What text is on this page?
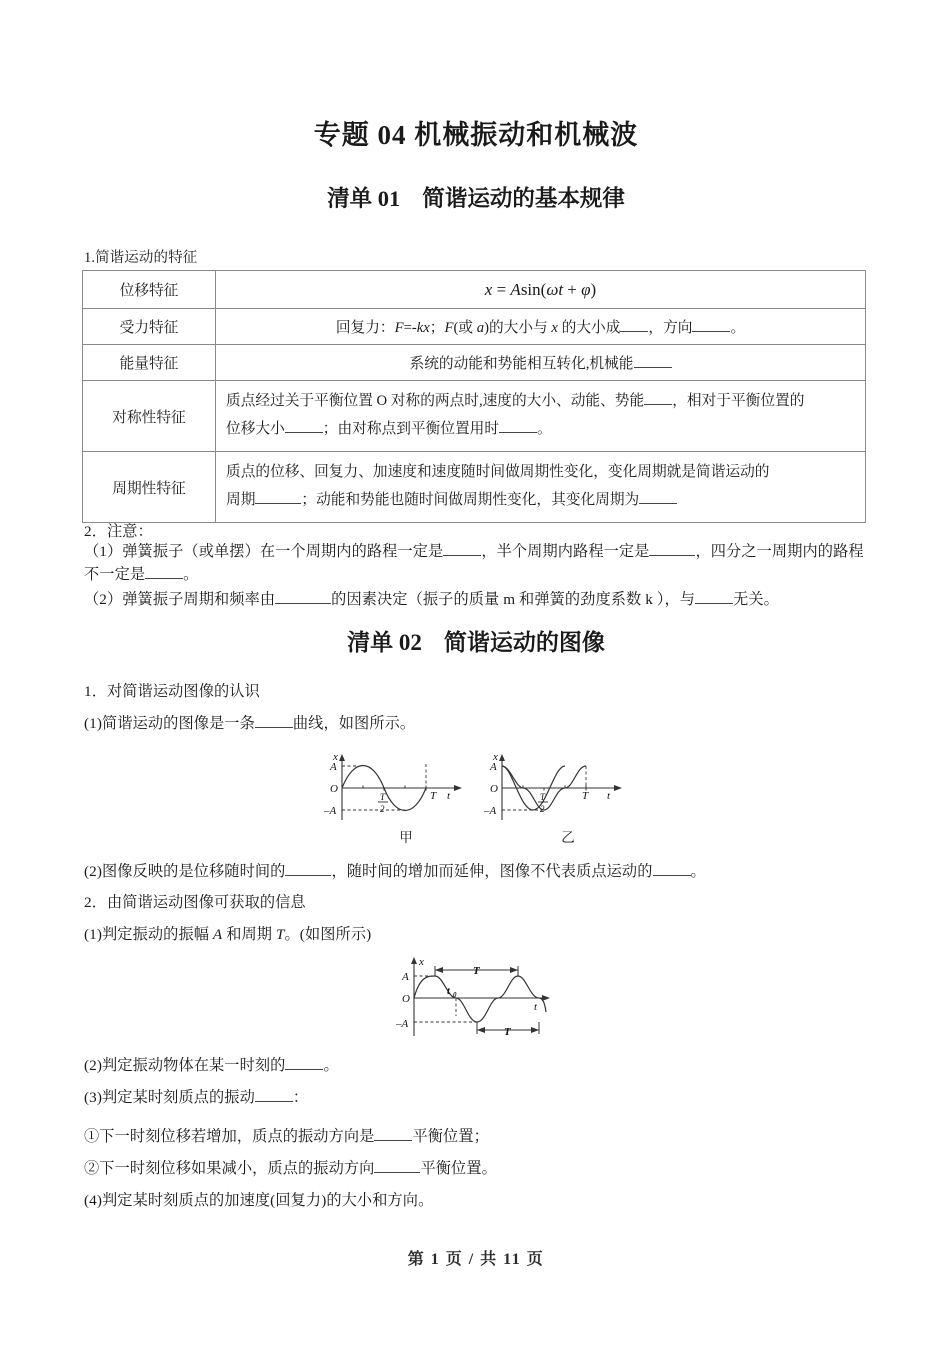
专题 04 机械振动和机械波
清单 01 简谐运动的基本规律
1.简谐运动的特征
位移特征	x = Asin(ωt + φ)
受力特征	回复力：F=-kx；F(或 a)的大小与 x 的大小成 ，方向 。
能量特征	系统的动能和势能相互转化,机械能
对称性特征	质点经过关于平衡位置 O 对称的两点时,速度的大小、动能、势能 ，相对于平衡位置的
位移大小 ；由对称点到平衡位置用时 。

周期性特征	质点的位移、回复力、加速度和速度随时间做周期性变化，变化周期就是简谐运动的
周期 ；动能和势能也随时间做周期性变化，其变化周期为
2．注意：
（1）弹簧振子（或单摆）在一个周期内的路程一定是	，半个周期内路程一定是	，四分之一周期内的路程不一定是	。
（2）弹簧振子周期和频率由	的因素决定（振子的质量 m 和弹簧的劲度系数 k ），与	无关。
清单 02 简谐运动的图像
1．对简谐运动图像的认识
(1)简谐运动的图像是一条	曲线，如图所示。
x
A
O
–A
T t
T
2
甲
x
A
O
–A
T t
T
2
乙
(2)图像反映的是位移随时间的	，随时间的增加而延伸，图像不代表质点运动的	。
2．由简谐运动图像可获取的信息
(1)判定振动的振幅 A 和周期 T。(如图所示)
x
A
O
–A
T
T
t
t 0
(2)判定振动物体在某一时刻的	。
(3)判定某时刻质点的振动	：
①下一时刻位移若增加，质点的振动方向是	平衡位置；
②下一时刻位移如果减小，质点的振动方向	平衡位置。
(4)判定某时刻质点的加速度(回复力)的大小和方向。
第 1 页 / 共 11 页
